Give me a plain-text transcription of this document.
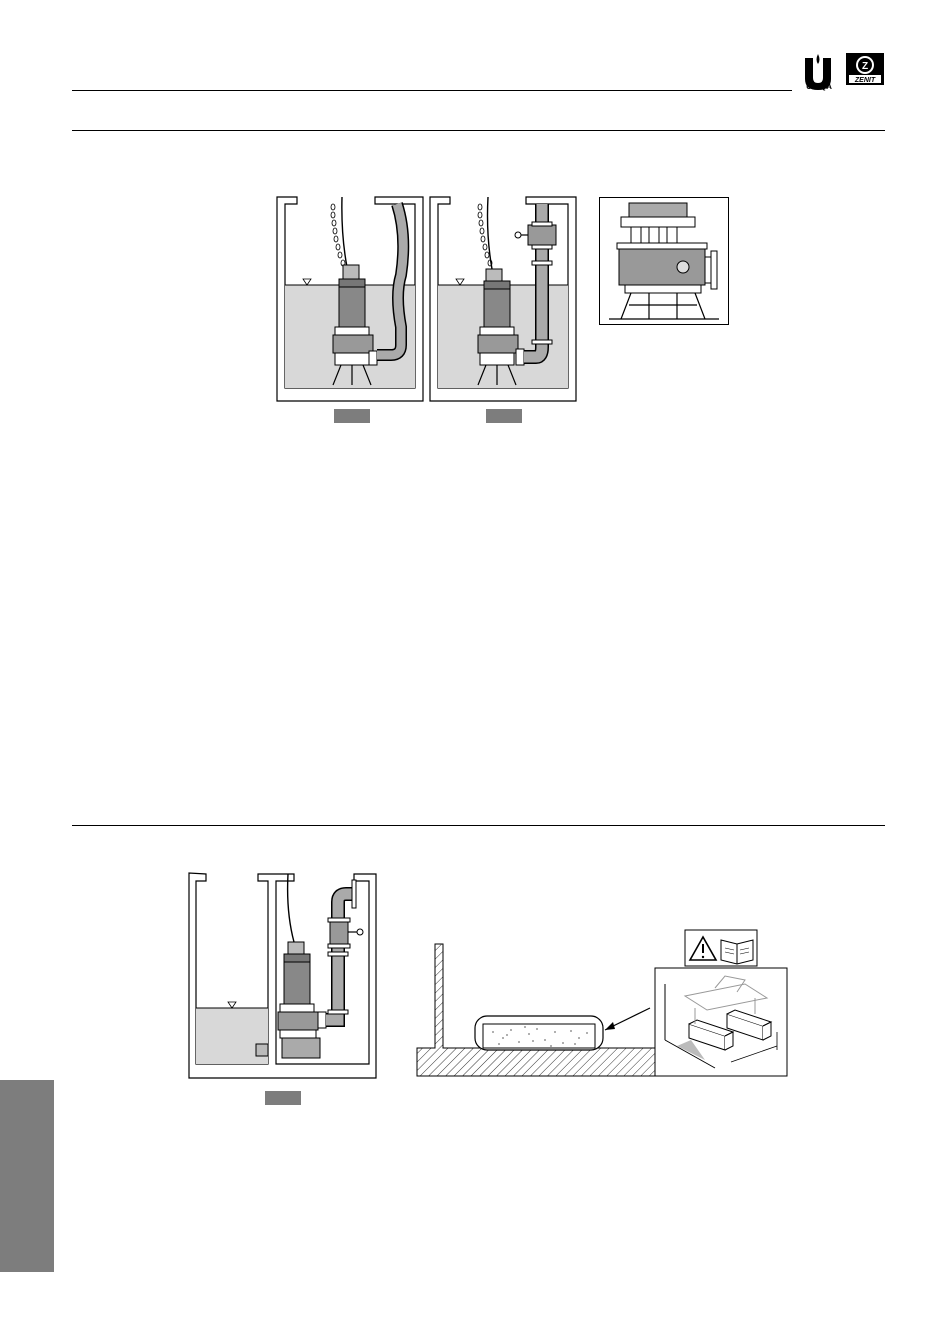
UNIQA
Z
ZENIT
